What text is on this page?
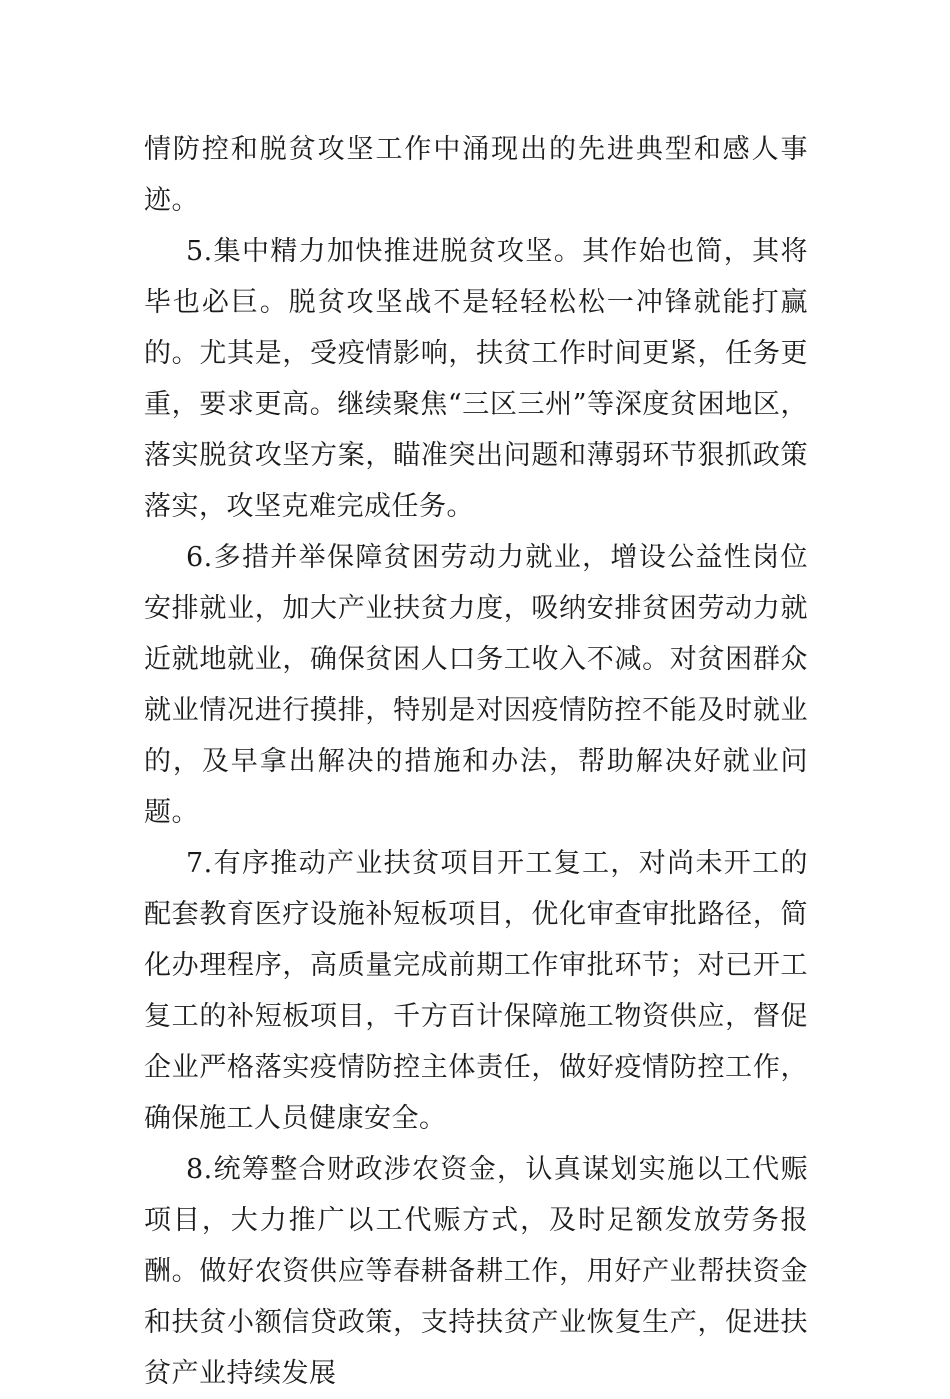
情防控和脱贫攻坚工作中涌现出的先进典型和感人事迹。

5.集中精力加快推进脱贫攻坚。其作始也简，其将毕也必巨。脱贫攻坚战不是轻轻松松一冲锋就能打赢的。尤其是，受疫情影响，扶贫工作时间更紧，任务更重，要求更高。继续聚焦“三区三州”等深度贫困地区，落实脱贫攻坚方案，瞄准突出问题和薄弱环节狠抓政策落实，攻坚克难完成任务。

6.多措并举保障贫困劳动力就业，增设公益性岗位安排就业，加大产业扶贫力度，吸纳安排贫困劳动力就近就地就业，确保贫困人口务工收入不减。对贫困群众就业情况进行摸排，特别是对因疫情防控不能及时就业的，及早拿出解决的措施和办法，帮助解决好就业问题。

7.有序推动产业扶贫项目开工复工，对尚未开工的配套教育医疗设施补短板项目，优化审查审批路径，简化办理程序，高质量完成前期工作审批环节；对已开工复工的补短板项目，千方百计保障施工物资供应，督促企业严格落实疫情防控主体责任，做好疫情防控工作，确保施工人员健康安全。

8.统筹整合财政涉农资金，认真谋划实施以工代赈项目，大力推广以工代赈方式，及时足额发放劳务报酬。做好农资供应等春耕备耕工作，用好产业帮扶资金和扶贫小额信贷政策，支持扶贫产业恢复生产，促进扶贫产业持续发展
